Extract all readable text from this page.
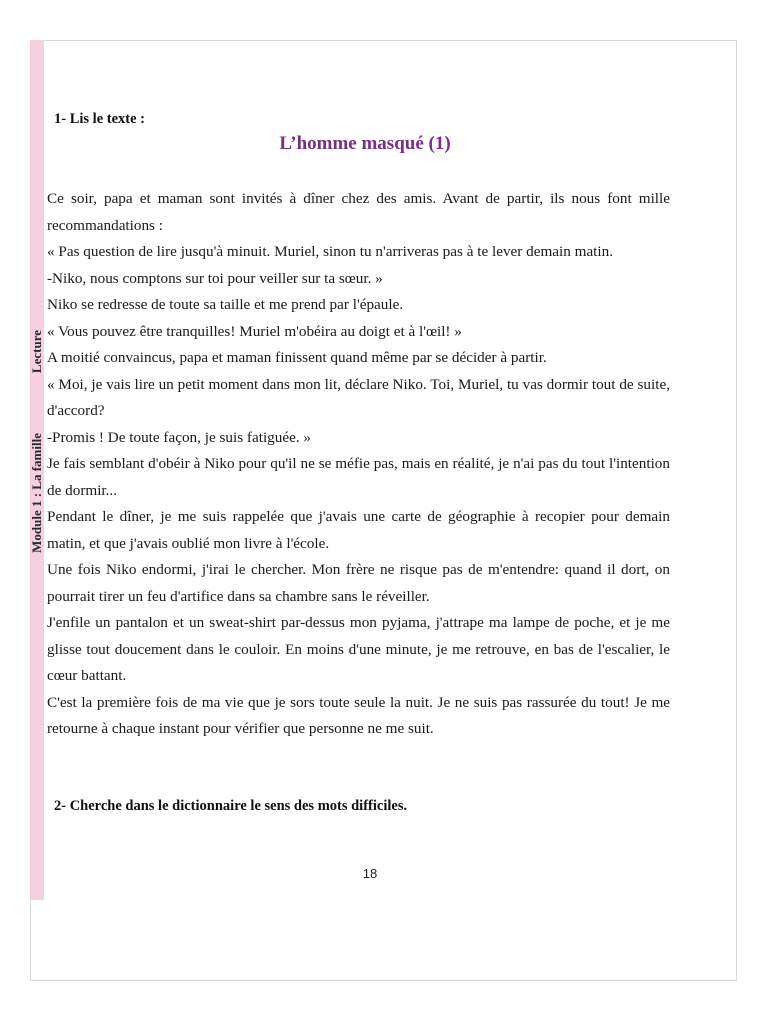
Lecture
Module 1 : La famille
1- Lis le texte :
L’homme masqué (1)

Ce soir, papa et maman sont invités à dîner chez des amis. Avant de partir, ils nous font mille recommandations :

« Pas question de lire jusqu'à minuit. Muriel, sinon tu n'arriveras pas à te lever demain matin.

-Niko, nous comptons sur toi pour veiller sur ta sœur. »

Niko se redresse de toute sa taille et me prend par l'épaule.

« Vous pouvez être tranquilles! Muriel m'obéira au doigt et à l'œil! »

A moitié convaincus, papa et maman finissent quand même par se décider à partir.

« Moi, je vais lire un petit moment dans mon lit, déclare Niko. Toi, Muriel, tu vas dormir tout de suite, d'accord?

-Promis ! De toute façon, je suis fatiguée. »

Je fais semblant d'obéir à Niko pour qu'il ne se méfie pas, mais en réalité, je n'ai pas du tout l'intention de dormir...

Pendant le dîner, je me suis rappelée que j'avais une carte de géographie à recopier pour demain matin, et que j'avais oublié mon livre à l'école.

Une fois Niko endormi, j'irai le chercher. Mon frère ne risque pas de m'entendre: quand il dort, on pourrait tirer un feu d'artifice dans sa chambre sans le réveiller.

J'enfile un pantalon et un sweat-shirt par-dessus mon pyjama, j'attrape ma lampe de poche, et je me glisse tout doucement dans le couloir. En moins d'une minute, je me retrouve, en bas de l'escalier, le cœur battant.

C'est la première fois de ma vie que je sors toute seule la nuit. Je ne suis pas rassurée du tout! Je me retourne à chaque instant pour vérifier que personne ne me suit.

2- Cherche dans le dictionnaire le sens des mots difficiles.
18
